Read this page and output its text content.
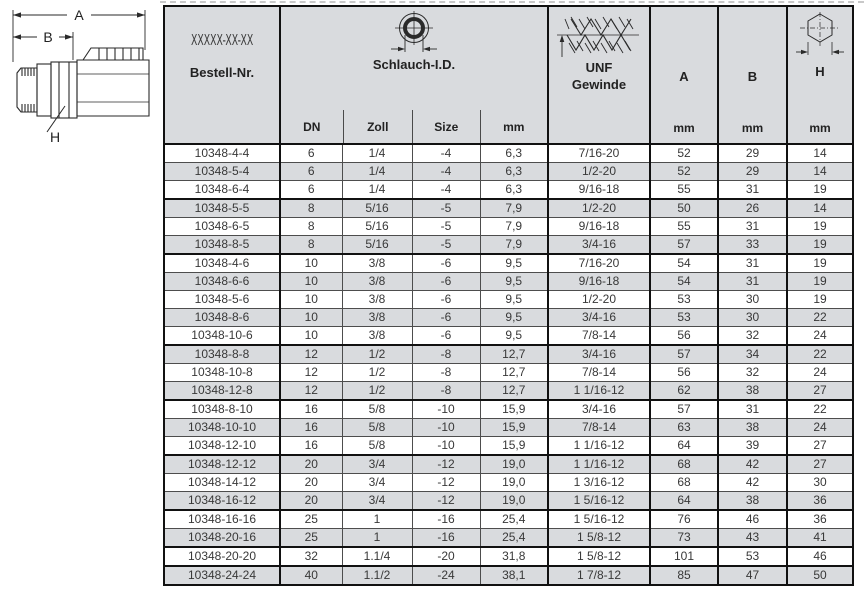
A
B
H
XXXXX-XX-XX
Bestell-Nr.

Schlauch-I.D.
DN	Zoll	Size	mm

UNF
Gewinde

A
mm

B
mm

H
mm

10348-4-4	6	1/4	-4	6,3	7/16-20	52	29	14
10348-5-4	6	1/4	-4	6,3	1/2-20	52	29	14
10348-6-4	6	1/4	-4	6,3	9/16-18	55	31	19
10348-5-5	8	5/16	-5	7,9	1/2-20	50	26	14
10348-6-5	8	5/16	-5	7,9	9/16-18	55	31	19
10348-8-5	8	5/16	-5	7,9	3/4-16	57	33	19
10348-4-6	10	3/8	-6	9,5	7/16-20	54	31	19
10348-6-6	10	3/8	-6	9,5	9/16-18	54	31	19
10348-5-6	10	3/8	-6	9,5	1/2-20	53	30	19
10348-8-6	10	3/8	-6	9,5	3/4-16	53	30	22
10348-10-6	10	3/8	-6	9,5	7/8-14	56	32	24
10348-8-8	12	1/2	-8	12,7	3/4-16	57	34	22
10348-10-8	12	1/2	-8	12,7	7/8-14	56	32	24
10348-12-8	12	1/2	-8	12,7	1 1/16-12	62	38	27
10348-8-10	16	5/8	-10	15,9	3/4-16	57	31	22
10348-10-10	16	5/8	-10	15,9	7/8-14	63	38	24
10348-12-10	16	5/8	-10	15,9	1 1/16-12	64	39	27
10348-12-12	20	3/4	-12	19,0	1 1/16-12	68	42	27
10348-14-12	20	3/4	-12	19,0	1 3/16-12	68	42	30
10348-16-12	20	3/4	-12	19,0	1 5/16-12	64	38	36
10348-16-16	25	1	-16	25,4	1 5/16-12	76	46	36
10348-20-16	25	1	-16	25,4	1 5/8-12	73	43	41
10348-20-20	32	1.1/4	-20	31,8	1 5/8-12	101	53	46
10348-24-24	40	1.1/2	-24	38,1	1 7/8-12	85	47	50
